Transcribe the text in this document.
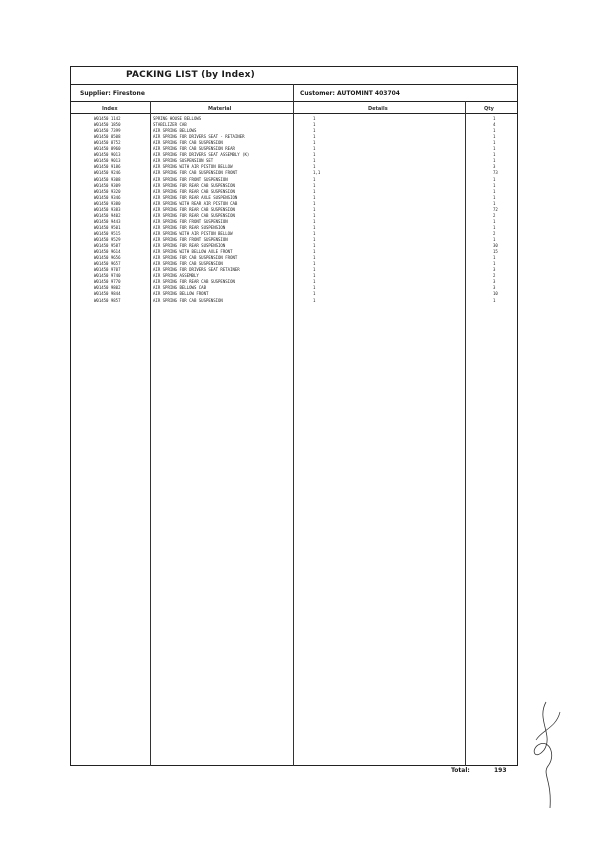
PACKING LIST (by Index)
Supplier: Firestone	Customer: AUTOMINT 403704
Index	Material	Details	Qty
W01450 1142	SPRING HOUSE BELLOWS	1	1
W01450 1850	STABILIZER CAB	1	4
W01450 7399	AIR SPRING BELLOWS	1	1
W01450 8508	AIR SPRING FOR DRIVERS SEAT - RETAINER	1	1
W01450 8752	AIR SPRING FOR CAB SUSPENSION	1	1
W01450 8960	AIR SPRING FOR CAB SUSPENSION REAR	1	1
W01450 9013	AIR SPRING FOR DRIVERS SEAT ASSEMBLY (K)	1	1
W01450 9013	AIR SPRING SUSPENSION SET	1	1
W01450 9186	AIR SPRING WITH AIR PISTON BELLOW	1	3
W01450 9246	AIR SPRING FOR CAB SUSPENSION FRONT	1,1	73
W01450 9308	AIR SPRING FOR FRONT SUSPENSION	1	1
W01450 9309	AIR SPRING FOR REAR CAB SUSPENSION	1	1
W01450 9320	AIR SPRING FOR REAR CAB SUSPENSION	1	1
W01450 9346	AIR SPRING FOR REAR AXLE SUSPENSION	1	1
W01450 9380	AIR SPRING WITH REAR AIR PISTON CAB	1	1
W01450 9383	AIR SPRING FOR REAR CAB SUSPENSION	1	72
W01450 9402	AIR SPRING FOR REAR CAB SUSPENSION	1	2
W01450 9443	AIR SPRING FOR FRONT SUSPENSION	1	1
W01450 9501	AIR SPRING FOR REAR SUSPENSION	1	1
W01450 9515	AIR SPRING WITH AIR PISTON BELLOW	1	2
W01450 9529	AIR SPRING FOR FRONT SUSPENSION	1	1
W01450 9587	AIR SPRING FOR REAR SUSPENSION	1	30
W01450 9614	AIR SPRING WITH BELLOW AXLE FRONT	1	15
W01450 9656	AIR SPRING FOR CAB SUSPENSION FRONT	1	1
W01450 9657	AIR SPRING FOR CAB SUSPENSION	1	1
W01450 9707	AIR SPRING FOR DRIVERS SEAT RETAINER	1	3
W01450 9740	AIR SPRING ASSEMBLY	1	2
W01450 9770	AIR SPRING FOR REAR CAB SUSPENSION	1	3
W01450 9802	AIR SPRING BELLOWS CAB	1	3
W01450 9844	AIR SPRING BELLOW FRONT	1	10
W01450 9857	AIR SPRING FOR CAB SUSPENSION	1	1
Total:	193
